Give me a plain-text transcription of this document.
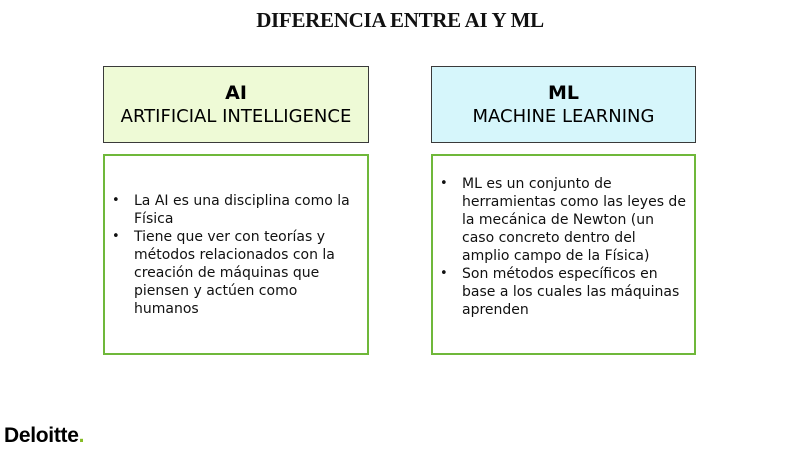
DIFERENCIA ENTRE AI Y ML
AI
ARTIFICIAL INTELLIGENCE
ML
MACHINE LEARNING
• La AI es una disciplina como la Física
• Tiene que ver con teorías y métodos relacionados con la creación de máquinas que piensen y actúen como humanos
• ML es un conjunto de herramientas como las leyes de la mecánica de Newton (un caso concreto dentro del amplio campo de la Física)
• Son métodos específicos en base a los cuales las máquinas aprenden
Deloitte.
